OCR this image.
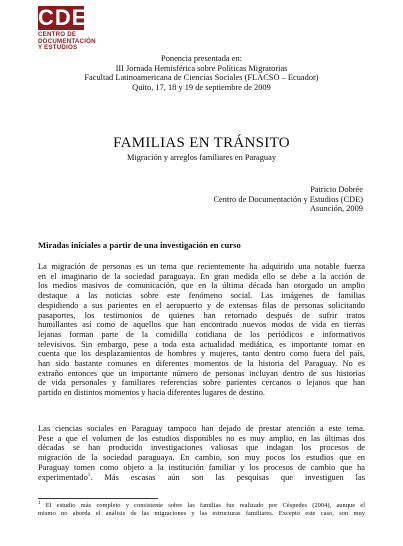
CDE
CENTRO DE
DOCUMENTACIÓN
Y ESTUDIOS
Ponencia presentada en:
III Jornada Hemisférica sobre Políticas Migratorias
Facultad Latinoamericana de Ciencias Sociales (FLACSO – Ecuador)
Quito, 17, 18 y 19 de septiembre de 2009
FAMILIAS EN TRÁNSITO
Migración y arreglos familiares en Paraguay
Patricio Dobrée
Centro de Documentación y Estudios (CDE)
Asunción, 2009
Miradas iniciales a partir de una investigación en curso
La migración de personas es un tema que recientemente ha adquirido una notable fuerza
en el imaginario de la sociedad paraguaya. En gran medida ello se debe a la acción de
los medios masivos de comunicación, que en la última década han otorgado un amplio
destaque a las noticias sobre este fenómeno social. Las imágenes de familias
despidiendo a sus parientes en el aeropuerto y de extensas filas de personas solicitando
pasaportes, los testimonios de quienes han retornado después de sufrir tratos
humillantes así como de aquellos que han encontrado nuevos modos de vida en tierras
lejanas forman parte de la comidilla cotidiana de los periódicos e informativos
televisivos. Sin embargo, pese a toda esta actualidad mediática, es importante tomar en
cuenta que los desplazamientos de hombres y mujeres, tanto dentro como fuera del país,
han sido bastante comunes en diferentes momentos de la historia del Paraguay. No es
extraño entonces que un importante número de personas incluyan dentro de sus historias
de vida personales y familiares referencias sobre parientes cercanos o lejanos que han
partido en distintos momentos y hacia diferentes lugares de destino.
Las ciencias sociales en Paraguay tampoco han dejado de prestar atención a este tema.
Pese a que el volumen de los estudios disponibles no es muy amplio, en las últimas dos
décadas se han producido investigaciones valiosas que indagan los procesos de
migración de la sociedad paraguaya. En cambio, son muy pocos los estudios que en
Paraguay tomen como objeto a la institución familiar y los procesos de cambio que ha
experimentado$^1$. Más escasas aún son las pesquisas que investiguen las
$^1$ El estudio más completo y consistente sobre las familias fue realizado por Céspedes (2004), aunque el
mismo no aborda el análisis de las migraciones y las estructuras familiares. Excepto este caso, son muy
